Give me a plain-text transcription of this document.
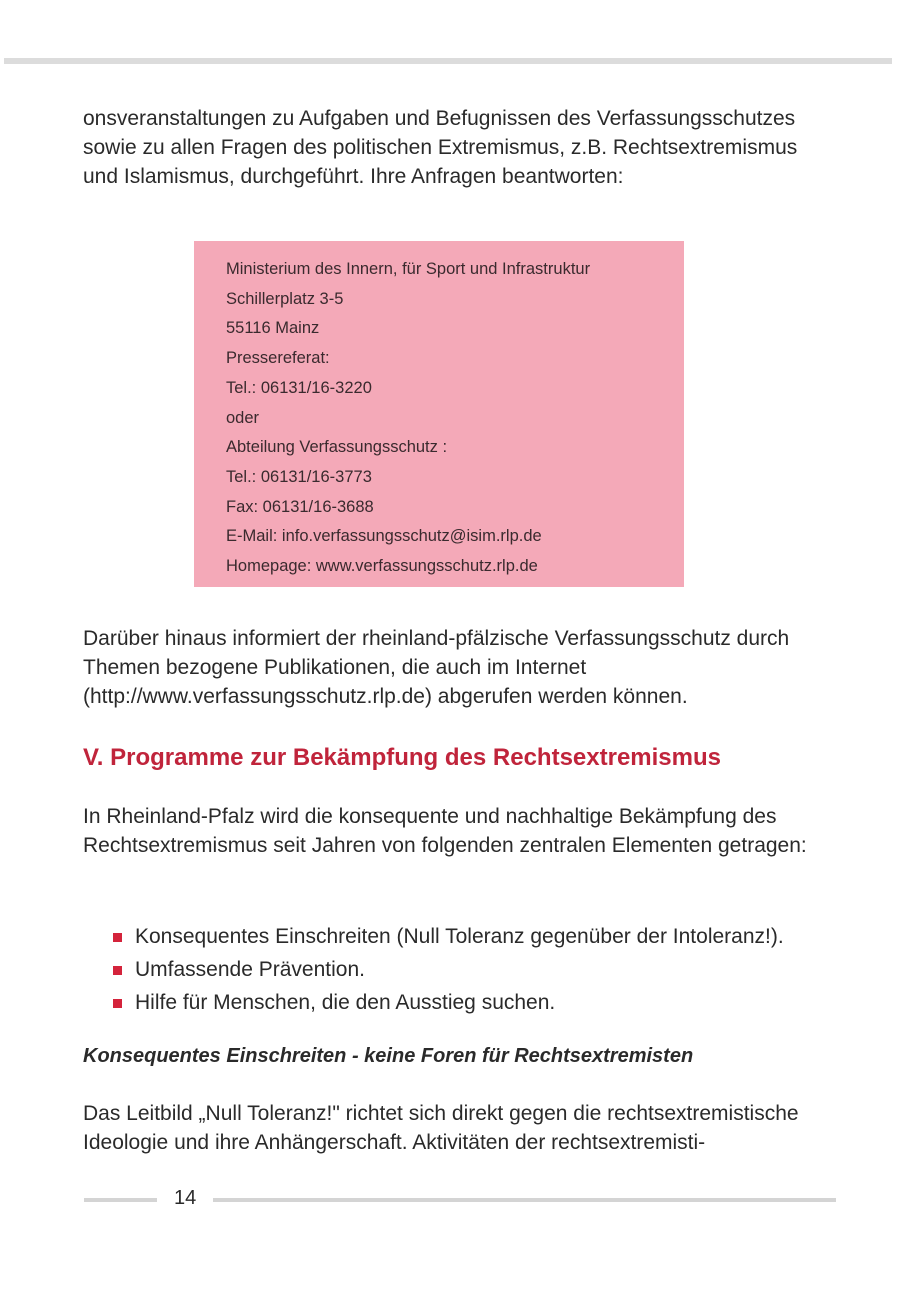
onsveranstaltungen zu Aufgaben und Befugnissen des Verfassungsschutzes sowie zu allen Fragen des politischen Extremismus, z.B. Rechtsextremismus und Islamismus, durchgeführt. Ihre Anfragen beantworten:

Ministerium des Innern, für Sport und Infrastruktur
Schillerplatz 3-5
55116 Mainz
Pressereferat:
Tel.: 06131/16-3220
oder
Abteilung Verfassungsschutz :
Tel.: 06131/16-3773
Fax: 06131/16-3688
E-Mail: info.verfassungsschutz@isim.rlp.de
Homepage: www.verfassungsschutz.rlp.de

Darüber hinaus informiert der rheinland-pfälzische Verfassungsschutz durch Themen bezogene Publikationen, die auch im Internet (http://www.verfassungsschutz.rlp.de) abgerufen werden können.

V. Programme zur Bekämpfung des Rechtsextremismus

In Rheinland-Pfalz wird die konsequente und nachhaltige Bekämpfung des Rechtsextremismus seit Jahren von folgenden zentralen Elementen getragen:

Konsequentes Einschreiten (Null Toleranz gegenüber der Intoleranz!).
Umfassende Prävention.
Hilfe für Menschen, die den Ausstieg suchen.
Konsequentes Einschreiten - keine Foren für Rechtsextremisten

Das Leitbild „Null Toleranz!" richtet sich direkt gegen die rechtsextremistische Ideologie und ihre Anhängerschaft. Aktivitäten der rechtsextremisti-

14
